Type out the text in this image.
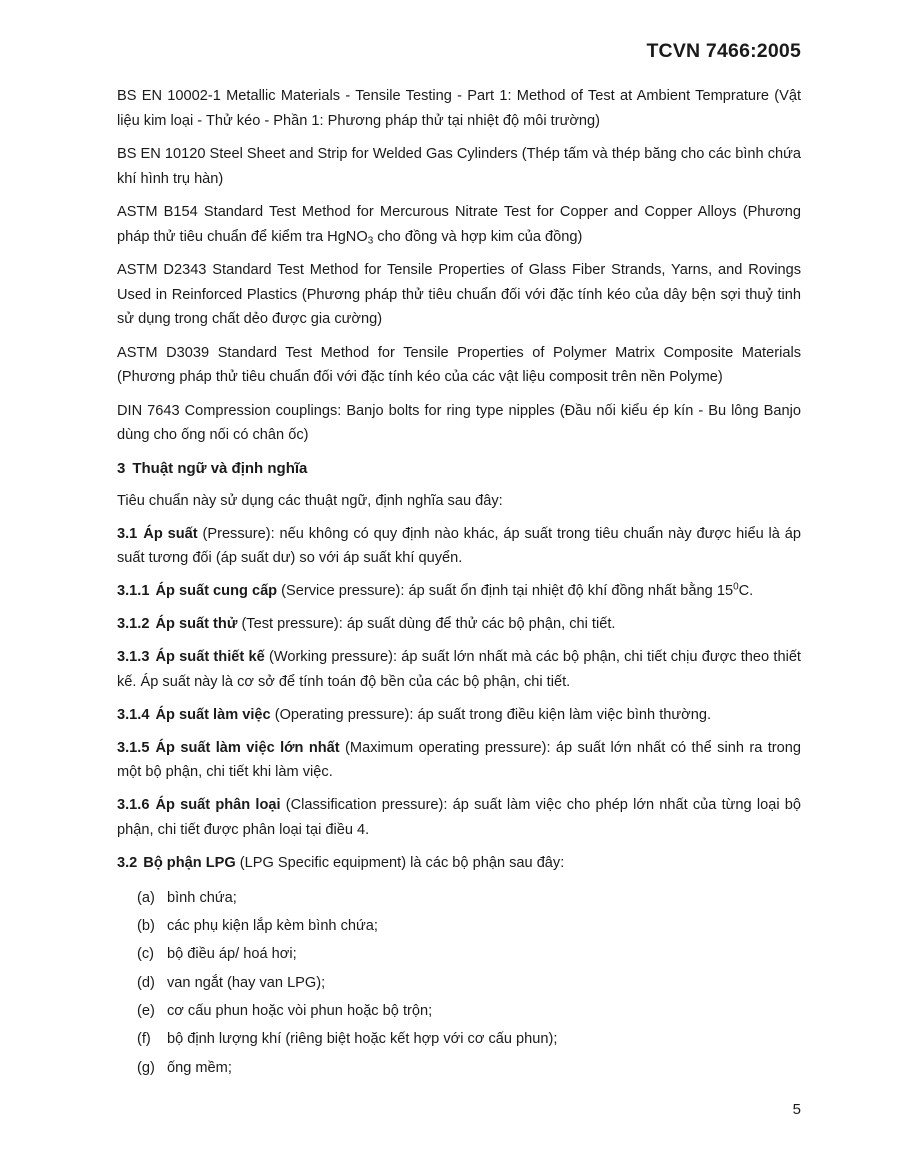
TCVN 7466:2005

BS EN 10002-1 Metallic Materials - Tensile Testing - Part 1: Method of Test at Ambient Temprature (Vật liệu kim loại - Thử kéo - Phần 1: Phương pháp thử tại nhiệt độ môi trường)

BS EN 10120 Steel Sheet and Strip for Welded Gas Cylinders (Thép tấm và thép băng cho các bình chứa khí hình trụ hàn)

ASTM B154 Standard Test Method for Mercurous Nitrate Test for Copper and Copper Alloys (Phương pháp thử tiêu chuẩn để kiểm tra HgNO$_3$ cho đồng và hợp kim của đồng)

ASTM D2343 Standard Test Method for Tensile Properties of Glass Fiber Strands, Yarns, and Rovings Used in Reinforced Plastics (Phương pháp thử tiêu chuẩn đối với đặc tính kéo của dây bện sợi thuỷ tinh sử dụng trong chất dẻo được gia cường)

ASTM D3039 Standard Test Method for Tensile Properties of Polymer Matrix Composite Materials (Phương pháp thử tiêu chuẩn đối với đặc tính kéo của các vật liệu composit trên nền Polyme)

DIN 7643 Compression couplings: Banjo bolts for ring type nipples (Đầu nối kiểu ép kín - Bu lông Banjo dùng cho ống nối có chân ốc)

3 Thuật ngữ và định nghĩa

Tiêu chuẩn này sử dụng các thuật ngữ, định nghĩa sau đây:

3.1 Áp suất (Pressure): nếu không có quy định nào khác, áp suất trong tiêu chuẩn này được hiểu là áp suất tương đối (áp suất dư) so với áp suất khí quyển.

3.1.1 Áp suất cung cấp (Service pressure): áp suất ổn định tại nhiệt độ khí đồng nhất bằng $15^0C$.

3.1.2 Áp suất thử (Test pressure): áp suất dùng để thử các bộ phận, chi tiết.

3.1.3 Áp suất thiết kế (Working pressure): áp suất lớn nhất mà các bộ phận, chi tiết chịu được theo thiết kế. Áp suất này là cơ sở để tính toán độ bền của các bộ phận, chi tiết.

3.1.4 Áp suất làm việc (Operating pressure): áp suất trong điều kiện làm việc bình thường.

3.1.5 Áp suất làm việc lớn nhất (Maximum operating pressure): áp suất lớn nhất có thể sinh ra trong một bộ phận, chi tiết khi làm việc.

3.1.6 Áp suất phân loại (Classification pressure): áp suất làm việc cho phép lớn nhất của từng loại bộ phận, chi tiết được phân loại tại điều 4.

3.2 Bộ phận LPG (LPG Specific equipment) là các bộ phận sau đây:

(a) bình chứa;
(b) các phụ kiện lắp kèm bình chứa;
(c) bộ điều áp/ hoá hơi;
(d) van ngắt (hay van LPG);
(e) cơ cấu phun hoặc vòi phun hoặc bộ trộn;
(f) bộ định lượng khí (riêng biệt hoặc kết hợp với cơ cấu phun);
(g) ống mềm;
5
